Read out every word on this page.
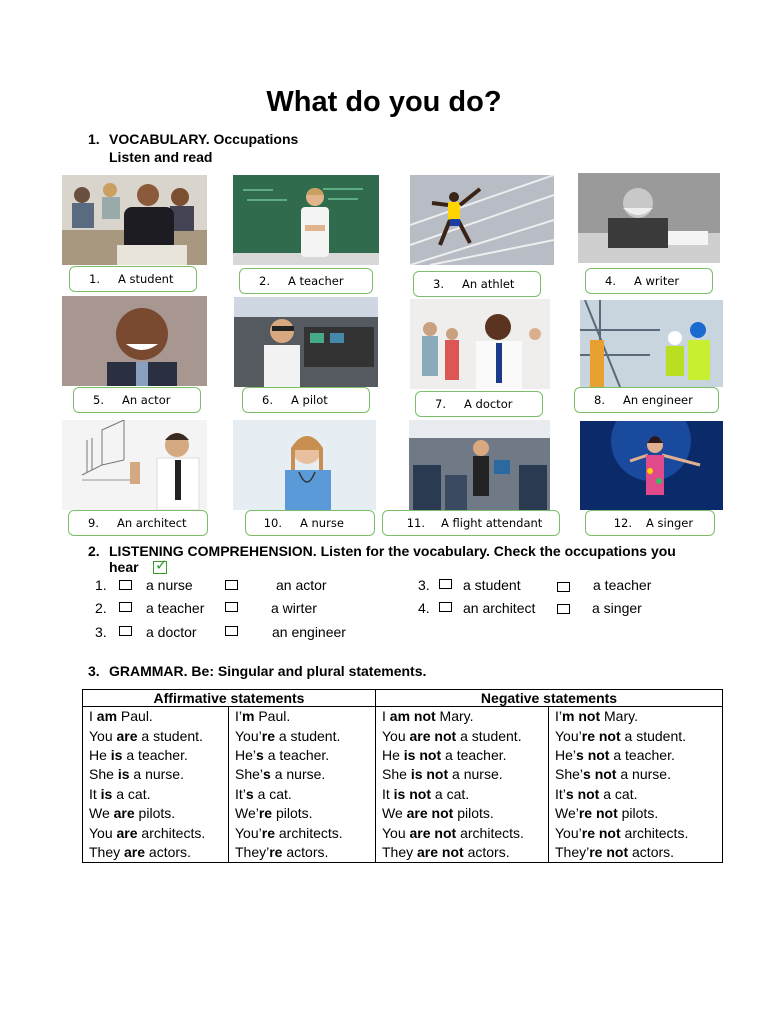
What do you do?
1. VOCABULARY. Occupations
Listen and read
1. A student	2. A teacher	3. An athlet	4. A writer
5. An actor	6. A pilot	7. A doctor	8. An engineer
9. An architect	10. A nurse	11. A flight attendant	12. A singer
2. LISTENING COMPREHENSION. Listen for the vocabulary. Check the occupations you
hear ✓
1.	a nurse	an actor
2.	a teacher	a wirter
3.	a doctor	an engineer
3. a student	a teacher
4. an architect	a singer
3. GRAMMAR. Be: Singular and plural statements.
Affirmative statements		Negative statements	
I am Paul.	I’m Paul.	I am not Mary.	I’m not Mary.
You are a student.	You’re a student.	You are not a student.	You’re not a student.
He is a teacher.	He’s a teacher.	He is not a teacher.	He’s not a teacher.
She is a nurse.	She’s a nurse.	She is not a nurse.	She’s not a nurse.
It is a cat.	It’s a cat.	It is not a cat.	It’s not a cat.
We are pilots.	We’re pilots.	We are not pilots.	We’re not pilots.
You are architects.	You’re architects.	You are not architects.	You’re not architects.
They are actors.	They’re actors.	They are not actors.	They’re not actors.
